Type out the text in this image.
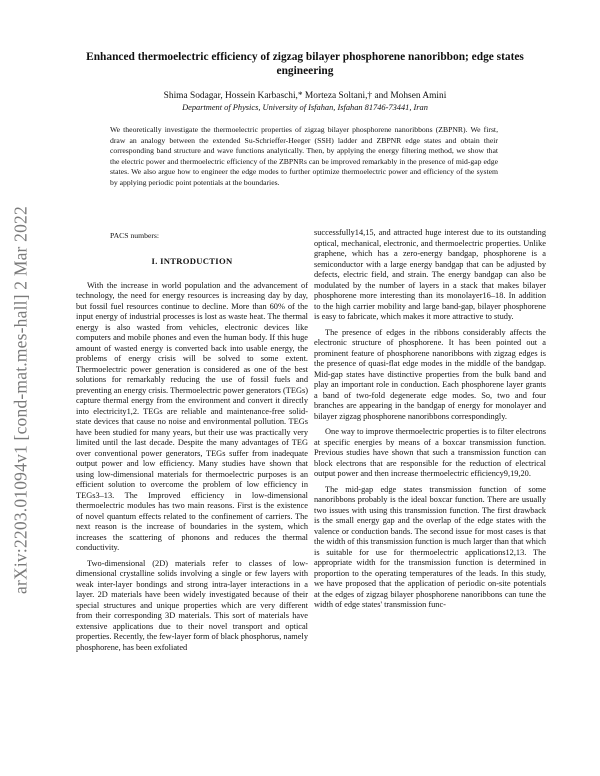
arXiv:2203.01094v1 [cond-mat.mes-hall] 2 Mar 2022
Enhanced thermoelectric efficiency of zigzag bilayer phosphorene nanoribbon; edge states engineering
Shima Sodagar, Hossein Karbaschi,* Morteza Soltani,† and Mohsen Amini
Department of Physics, University of Isfahan, Isfahan 81746-73441, Iran
We theoretically investigate the thermoelectric properties of zigzag bilayer phosphorene nanoribbons (ZBPNR). We first, draw an analogy between the extended Su-Schrieffer-Heeger (SSH) ladder and ZBPNR edge states and obtain their corresponding band structure and wave functions analytically. Then, by applying the energy filtering method, we show that the electric power and thermoelectric efficiency of the ZBPNRs can be improved remarkably in the presence of mid-gap edge states. We also argue how to engineer the edge modes to further optimize thermoelectric power and efficiency of the system by applying periodic point potentials at the boundaries.
PACS numbers:
I. INTRODUCTION

With the increase in world population and the advancement of technology, the need for energy resources is increasing day by day, but fossil fuel resources continue to decline. More than 60% of the input energy of industrial processes is lost as waste heat. The thermal energy is also wasted from vehicles, electronic devices like computers and mobile phones and even the human body. If this huge amount of wasted energy is converted back into usable energy, the problems of energy crisis will be solved to some extent. Thermoelectric power generation is considered as one of the best solutions for remarkably reducing the use of fossil fuels and preventing an energy crisis. Thermoelectric power generators (TEGs) capture thermal energy from the environment and convert it directly into electricity1,2. TEGs are reliable and maintenance-free solid-state devices that cause no noise and environmental pollution. TEGs have been studied for many years, but their use was practically very limited until the last decade. Despite the many advantages of TEG over conventional power generators, TEGs suffer from inadequate output power and low efficiency. Many studies have shown that using low-dimensional materials for thermoelectric purposes is an efficient solution to overcome the problem of low efficiency in TEGs3–13. The Improved efficiency in low-dimensional thermoelectric modules has two main reasons. First is the existence of novel quantum effects related to the confinement of carriers. The next reason is the increase of boundaries in the system, which increases the scattering of phonons and reduces the thermal conductivity.

Two-dimensional (2D) materials refer to classes of low-dimensional crystalline solids involving a single or few layers with weak inter-layer bondings and strong intra-layer interactions in a layer. 2D materials have been widely investigated because of their special structures and unique properties which are very different from their corresponding 3D materials. This sort of materials have extensive applications due to their novel transport and optical properties. Recently, the few-layer form of black phosphorus, namely phosphorene, has been exfoliated

successfully14,15, and attracted huge interest due to its outstanding optical, mechanical, electronic, and thermoelectric properties. Unlike graphene, which has a zero-energy bandgap, phosphorene is a semiconductor with a large energy bandgap that can be adjusted by defects, electric field, and strain. The energy bandgap can also be modulated by the number of layers in a stack that makes bilayer phosphorene more interesting than its monolayer16–18. In addition to the high carrier mobility and large band-gap, bilayer phosphorene is easy to fabricate, which makes it more attractive to study.

The presence of edges in the ribbons considerably affects the electronic structure of phosphorene. It has been pointed out a prominent feature of phosphorene nanoribbons with zigzag edges is the presence of quasi-flat edge modes in the middle of the bandgap. Mid-gap states have distinctive properties from the bulk band and play an important role in conduction. Each phosphorene layer grants a band of two-fold degenerate edge modes. So, two and four branches are appearing in the bandgap of energy for monolayer and bilayer zigzag phosphorene nanoribbons correspondingly.

One way to improve thermoelectric properties is to filter electrons at specific energies by means of a boxcar transmission function. Previous studies have shown that such a transmission function can block electrons that are responsible for the reduction of electrical output power and then increase thermoelectric efficiency9,19,20.

The mid-gap edge states transmission function of some nanoribbons probably is the ideal boxcar function. There are usually two issues with using this transmission function. The first drawback is the small energy gap and the overlap of the edge states with the valence or conduction bands. The second issue for most cases is that the width of this transmission function is much larger than that which is suitable for use for thermoelectric applications12,13. The appropriate width for the transmission function is determined in proportion to the operating temperatures of the leads. In this study, we have proposed that the application of periodic on-site potentials at the edges of zigzag bilayer phosphorene nanoribbons can tune the width of edge states' transmission func-
